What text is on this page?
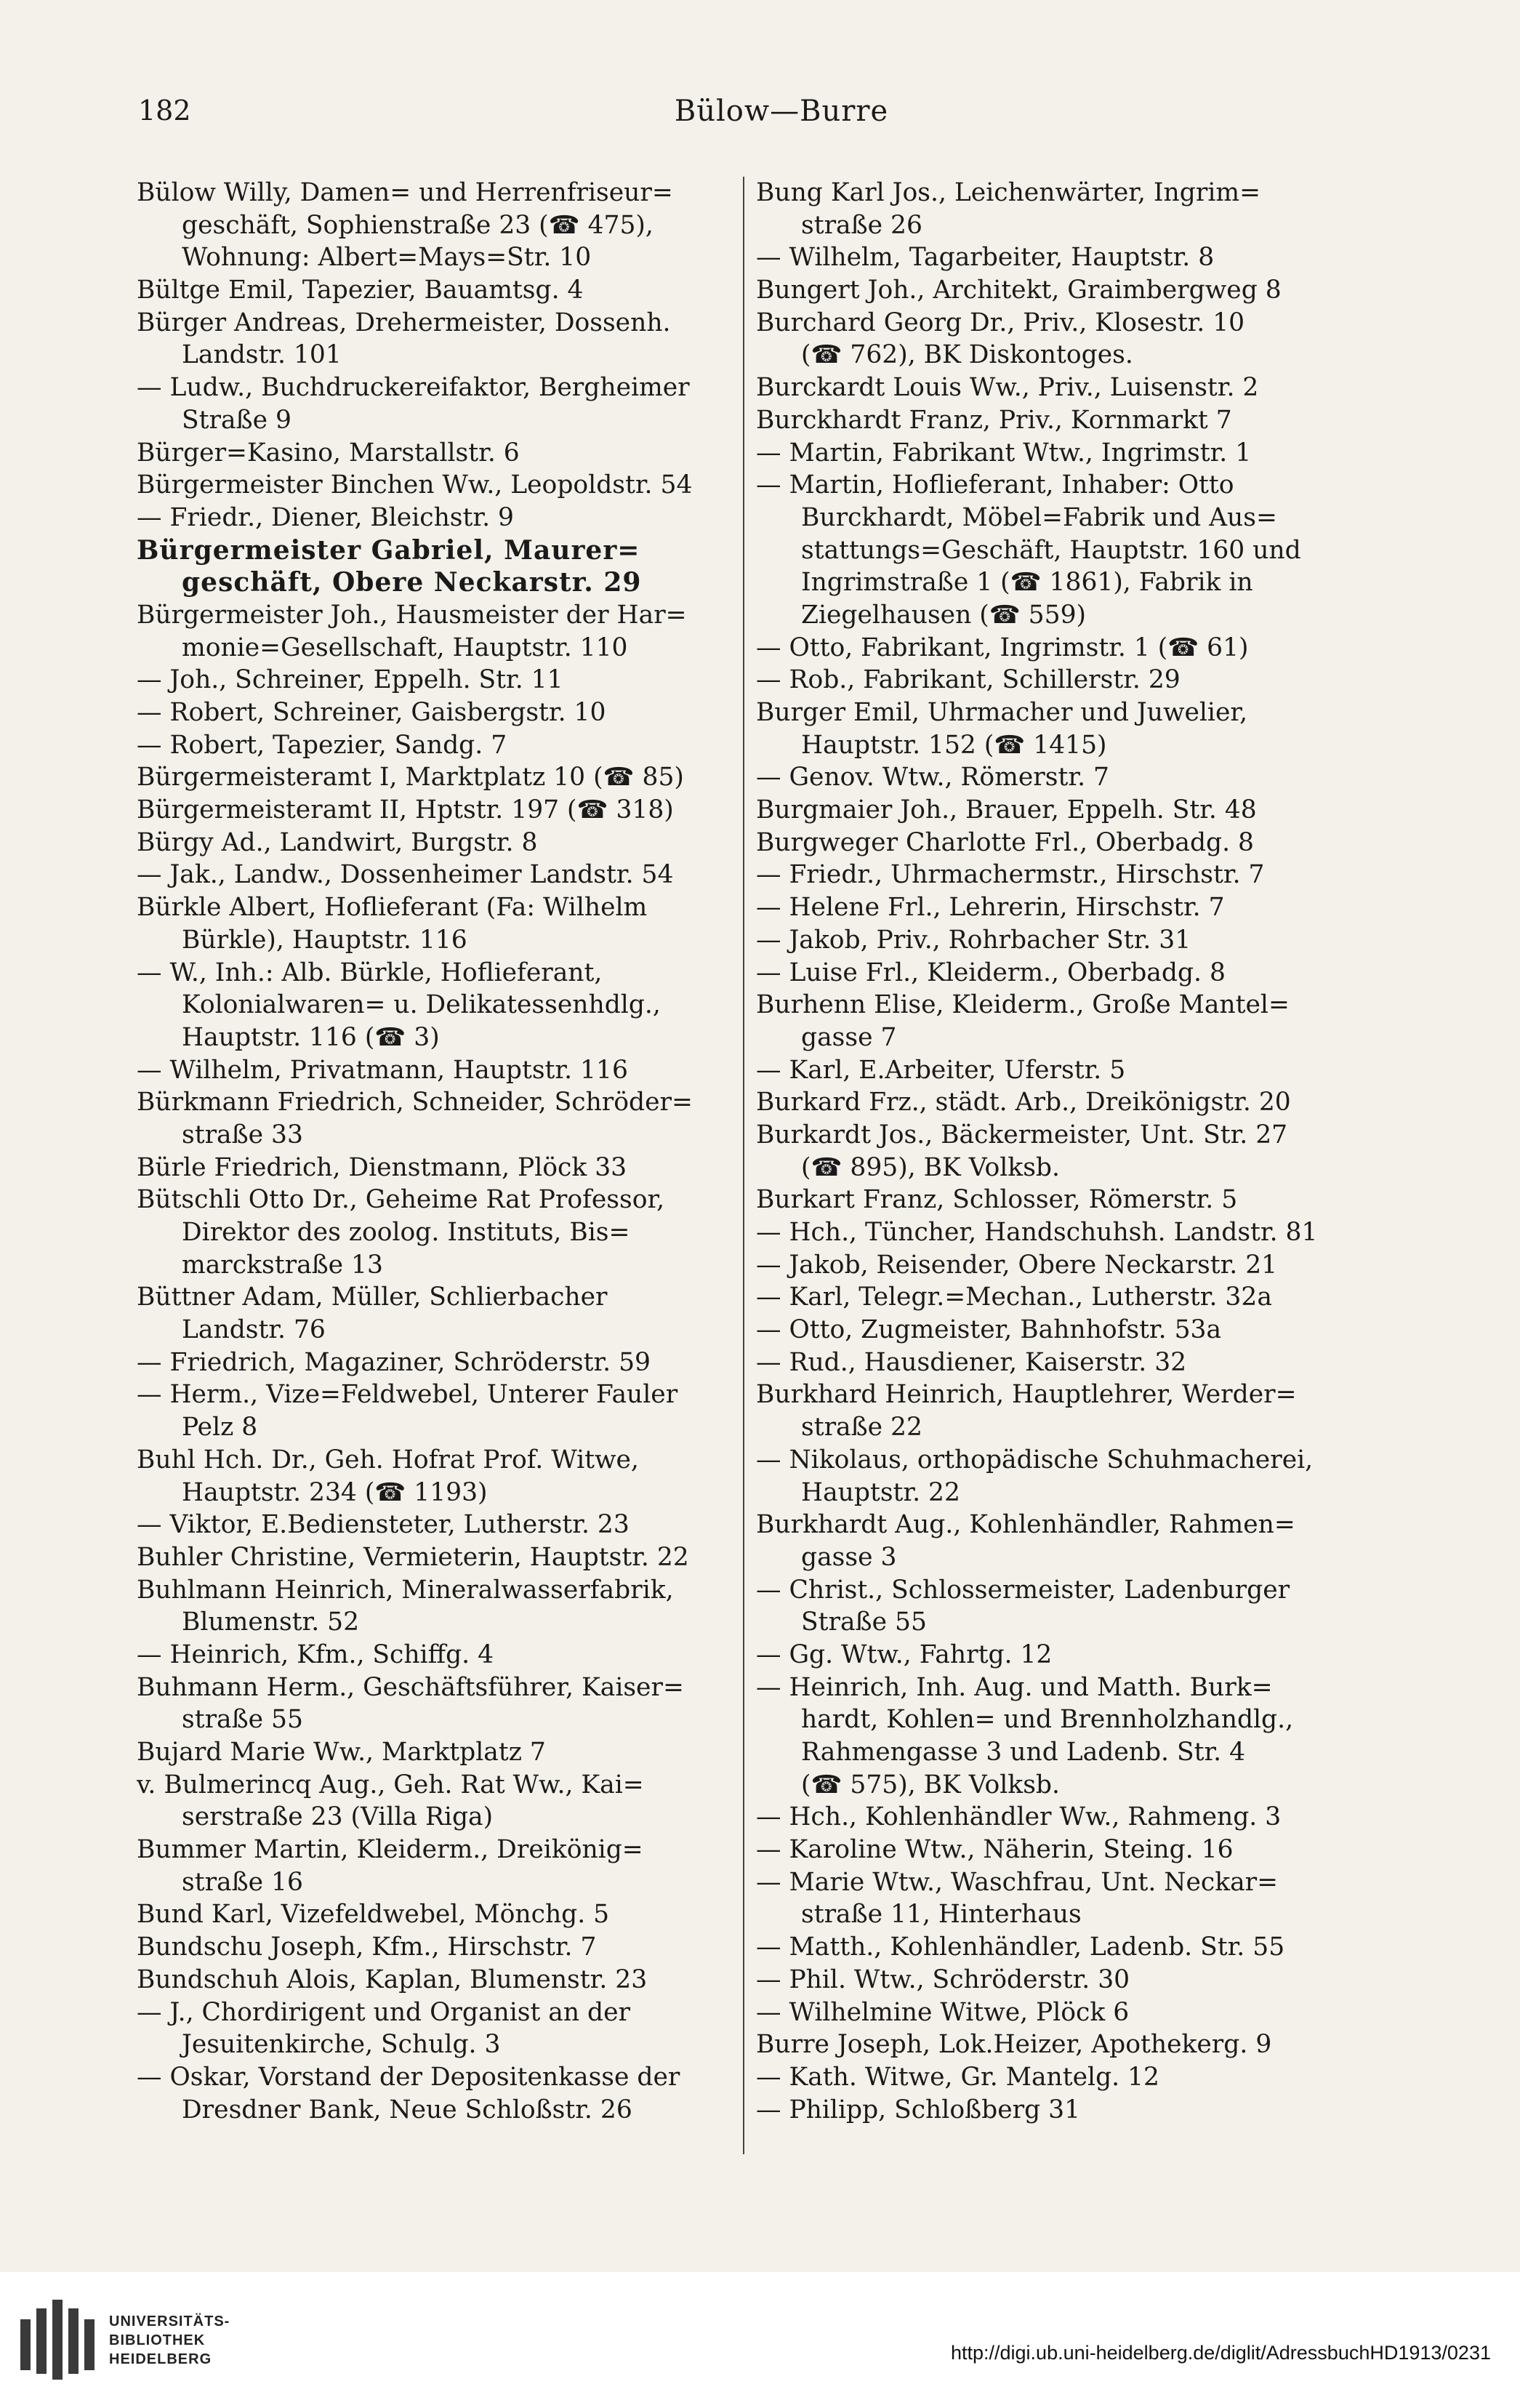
182	Bülow—Burre
Bülow Willy, Damen= und Herrenfriseur=
geschäft, Sophienstraße 23 (☎ 475),
Wohnung: Albert=Mays=Str. 10
Bültge Emil, Tapezier, Bauamtsg. 4
Bürger Andreas, Drehermeister, Dossenh.
Landstr. 101
— Ludw., Buchdruckereifaktor, Bergheimer
Straße 9
Bürger=Kasino, Marstallstr. 6
Bürgermeister Binchen Ww., Leopoldstr. 54
— Friedr., Diener, Bleichstr. 9
Bürgermeister Gabriel, Maurer=
geschäft, Obere Neckarstr. 29
Bürgermeister Joh., Hausmeister der Har=
monie=Gesellschaft, Hauptstr. 110
— Joh., Schreiner, Eppelh. Str. 11
— Robert, Schreiner, Gaisbergstr. 10
— Robert, Tapezier, Sandg. 7
Bürgermeisteramt I, Marktplatz 10 (☎ 85)
Bürgermeisteramt II, Hptstr. 197 (☎ 318)
Bürgy Ad., Landwirt, Burgstr. 8
— Jak., Landw., Dossenheimer Landstr. 54
Bürkle Albert, Hoflieferant (Fa: Wilhelm
Bürkle), Hauptstr. 116
— W., Inh.: Alb. Bürkle, Hoflieferant,
Kolonialwaren= u. Delikatessenhdlg.,
Hauptstr. 116 (☎ 3)
— Wilhelm, Privatmann, Hauptstr. 116
Bürkmann Friedrich, Schneider, Schröder=
straße 33
Bürle Friedrich, Dienstmann, Plöck 33
Bütschli Otto Dr., Geheime Rat Professor,
Direktor des zoolog. Instituts, Bis=
marckstraße 13
Büttner Adam, Müller, Schlierbacher
Landstr. 76
— Friedrich, Magaziner, Schröderstr. 59
— Herm., Vize=Feldwebel, Unterer Fauler
Pelz 8
Buhl Hch. Dr., Geh. Hofrat Prof. Witwe,
Hauptstr. 234 (☎ 1193)
— Viktor, E.Bediensteter, Lutherstr. 23
Buhler Christine, Vermieterin, Hauptstr. 22
Buhlmann Heinrich, Mineralwasserfabrik,
Blumenstr. 52
— Heinrich, Kfm., Schiffg. 4
Buhmann Herm., Geschäftsführer, Kaiser=
straße 55
Bujard Marie Ww., Marktplatz 7
v. Bulmerincq Aug., Geh. Rat Ww., Kai=
serstraße 23 (Villa Riga)
Bummer Martin, Kleiderm., Dreikönig=
straße 16
Bund Karl, Vizefeldwebel, Mönchg. 5
Bundschu Joseph, Kfm., Hirschstr. 7
Bundschuh Alois, Kaplan, Blumenstr. 23
— J., Chordirigent und Organist an der
Jesuitenkirche, Schulg. 3
— Oskar, Vorstand der Depositenkasse der
Dresdner Bank, Neue Schloßstr. 26
Bung Karl Jos., Leichenwärter, Ingrim=
straße 26
— Wilhelm, Tagarbeiter, Hauptstr. 8
Bungert Joh., Architekt, Graimbergweg 8
Burchard Georg Dr., Priv., Klosestr. 10
(☎ 762), BK Diskontoges.
Burckardt Louis Ww., Priv., Luisenstr. 2
Burckhardt Franz, Priv., Kornmarkt 7
— Martin, Fabrikant Wtw., Ingrimstr. 1
— Martin, Hoflieferant, Inhaber: Otto
Burckhardt, Möbel=Fabrik und Aus=
stattungs=Geschäft, Hauptstr. 160 und
Ingrimstraße 1 (☎ 1861), Fabrik in
Ziegelhausen (☎ 559)
— Otto, Fabrikant, Ingrimstr. 1 (☎ 61)
— Rob., Fabrikant, Schillerstr. 29
Burger Emil, Uhrmacher und Juwelier,
Hauptstr. 152 (☎ 1415)
— Genov. Wtw., Römerstr. 7
Burgmaier Joh., Brauer, Eppelh. Str. 48
Burgweger Charlotte Frl., Oberbadg. 8
— Friedr., Uhrmachermstr., Hirschstr. 7
— Helene Frl., Lehrerin, Hirschstr. 7
— Jakob, Priv., Rohrbacher Str. 31
— Luise Frl., Kleiderm., Oberbadg. 8
Burhenn Elise, Kleiderm., Große Mantel=
gasse 7
— Karl, E.Arbeiter, Uferstr. 5
Burkard Frz., städt. Arb., Dreikönigstr. 20
Burkardt Jos., Bäckermeister, Unt. Str. 27
(☎ 895), BK Volksb.
Burkart Franz, Schlosser, Römerstr. 5
— Hch., Tüncher, Handschuhsh. Landstr. 81
— Jakob, Reisender, Obere Neckarstr. 21
— Karl, Telegr.=Mechan., Lutherstr. 32a
— Otto, Zugmeister, Bahnhofstr. 53a
— Rud., Hausdiener, Kaiserstr. 32
Burkhard Heinrich, Hauptlehrer, Werder=
straße 22
— Nikolaus, orthopädische Schuhmacherei,
Hauptstr. 22
Burkhardt Aug., Kohlenhändler, Rahmen=
gasse 3
— Christ., Schlossermeister, Ladenburger
Straße 55
— Gg. Wtw., Fahrtg. 12
— Heinrich, Inh. Aug. und Matth. Burk=
hardt, Kohlen= und Brennholzhandlg.,
Rahmengasse 3 und Ladenb. Str. 4
(☎ 575), BK Volksb.
— Hch., Kohlenhändler Ww., Rahmeng. 3
— Karoline Wtw., Näherin, Steing. 16
— Marie Wtw., Waschfrau, Unt. Neckar=
straße 11, Hinterhaus
— Matth., Kohlenhändler, Ladenb. Str. 55
— Phil. Wtw., Schröderstr. 30
— Wilhelmine Witwe, Plöck 6
Burre Joseph, Lok.Heizer, Apothekerg. 9
— Kath. Witwe, Gr. Mantelg. 12
— Philipp, Schloßberg 31
UNIVERSITÄTS-
BIBLIOTHEK
HEIDELBERG	http://digi.ub.uni-heidelberg.de/diglit/AdressbuchHD1913/0231
